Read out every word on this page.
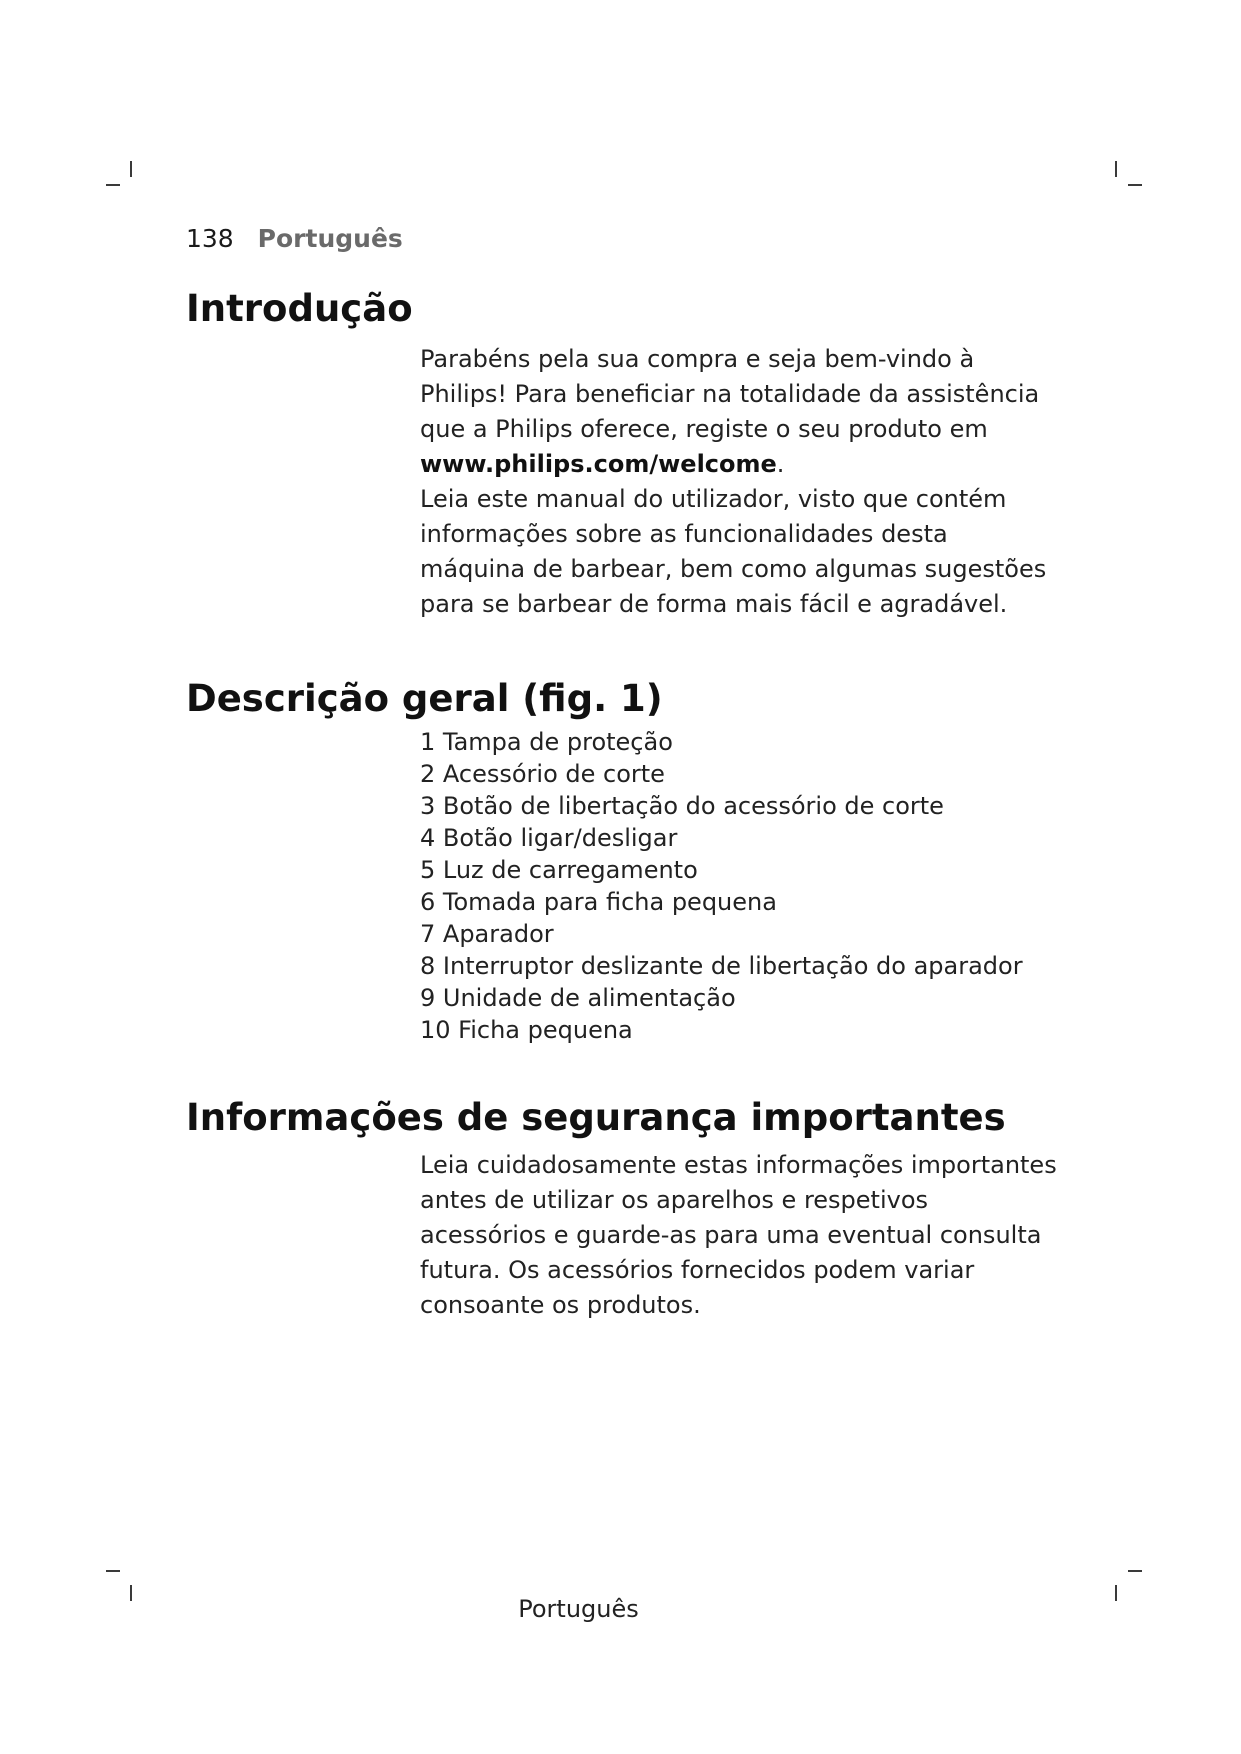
138 Português
Introdução

Parabéns pela sua compra e seja bem-vindo à Philips! Para beneficiar na totalidade da assistência que a Philips oferece, registe o seu produto em www.philips.com/welcome.

Leia este manual do utilizador, visto que contém informações sobre as funcionalidades desta máquina de barbear, bem como algumas sugestões para se barbear de forma mais fácil e agradável.

Descrição geral (fig. 1)
1 Tampa de proteção
2 Acessório de corte
3 Botão de libertação do acessório de corte
4 Botão ligar/desligar
5 Luz de carregamento
6 Tomada para ficha pequena
7 Aparador
8 Interruptor deslizante de libertação do aparador
9 Unidade de alimentação
10 Ficha pequena
Informações de segurança importantes

Leia cuidadosamente estas informações importantes antes de utilizar os aparelhos e respetivos acessórios e guarde-as para uma eventual consulta futura. Os acessórios fornecidos podem variar consoante os produtos.

Português
